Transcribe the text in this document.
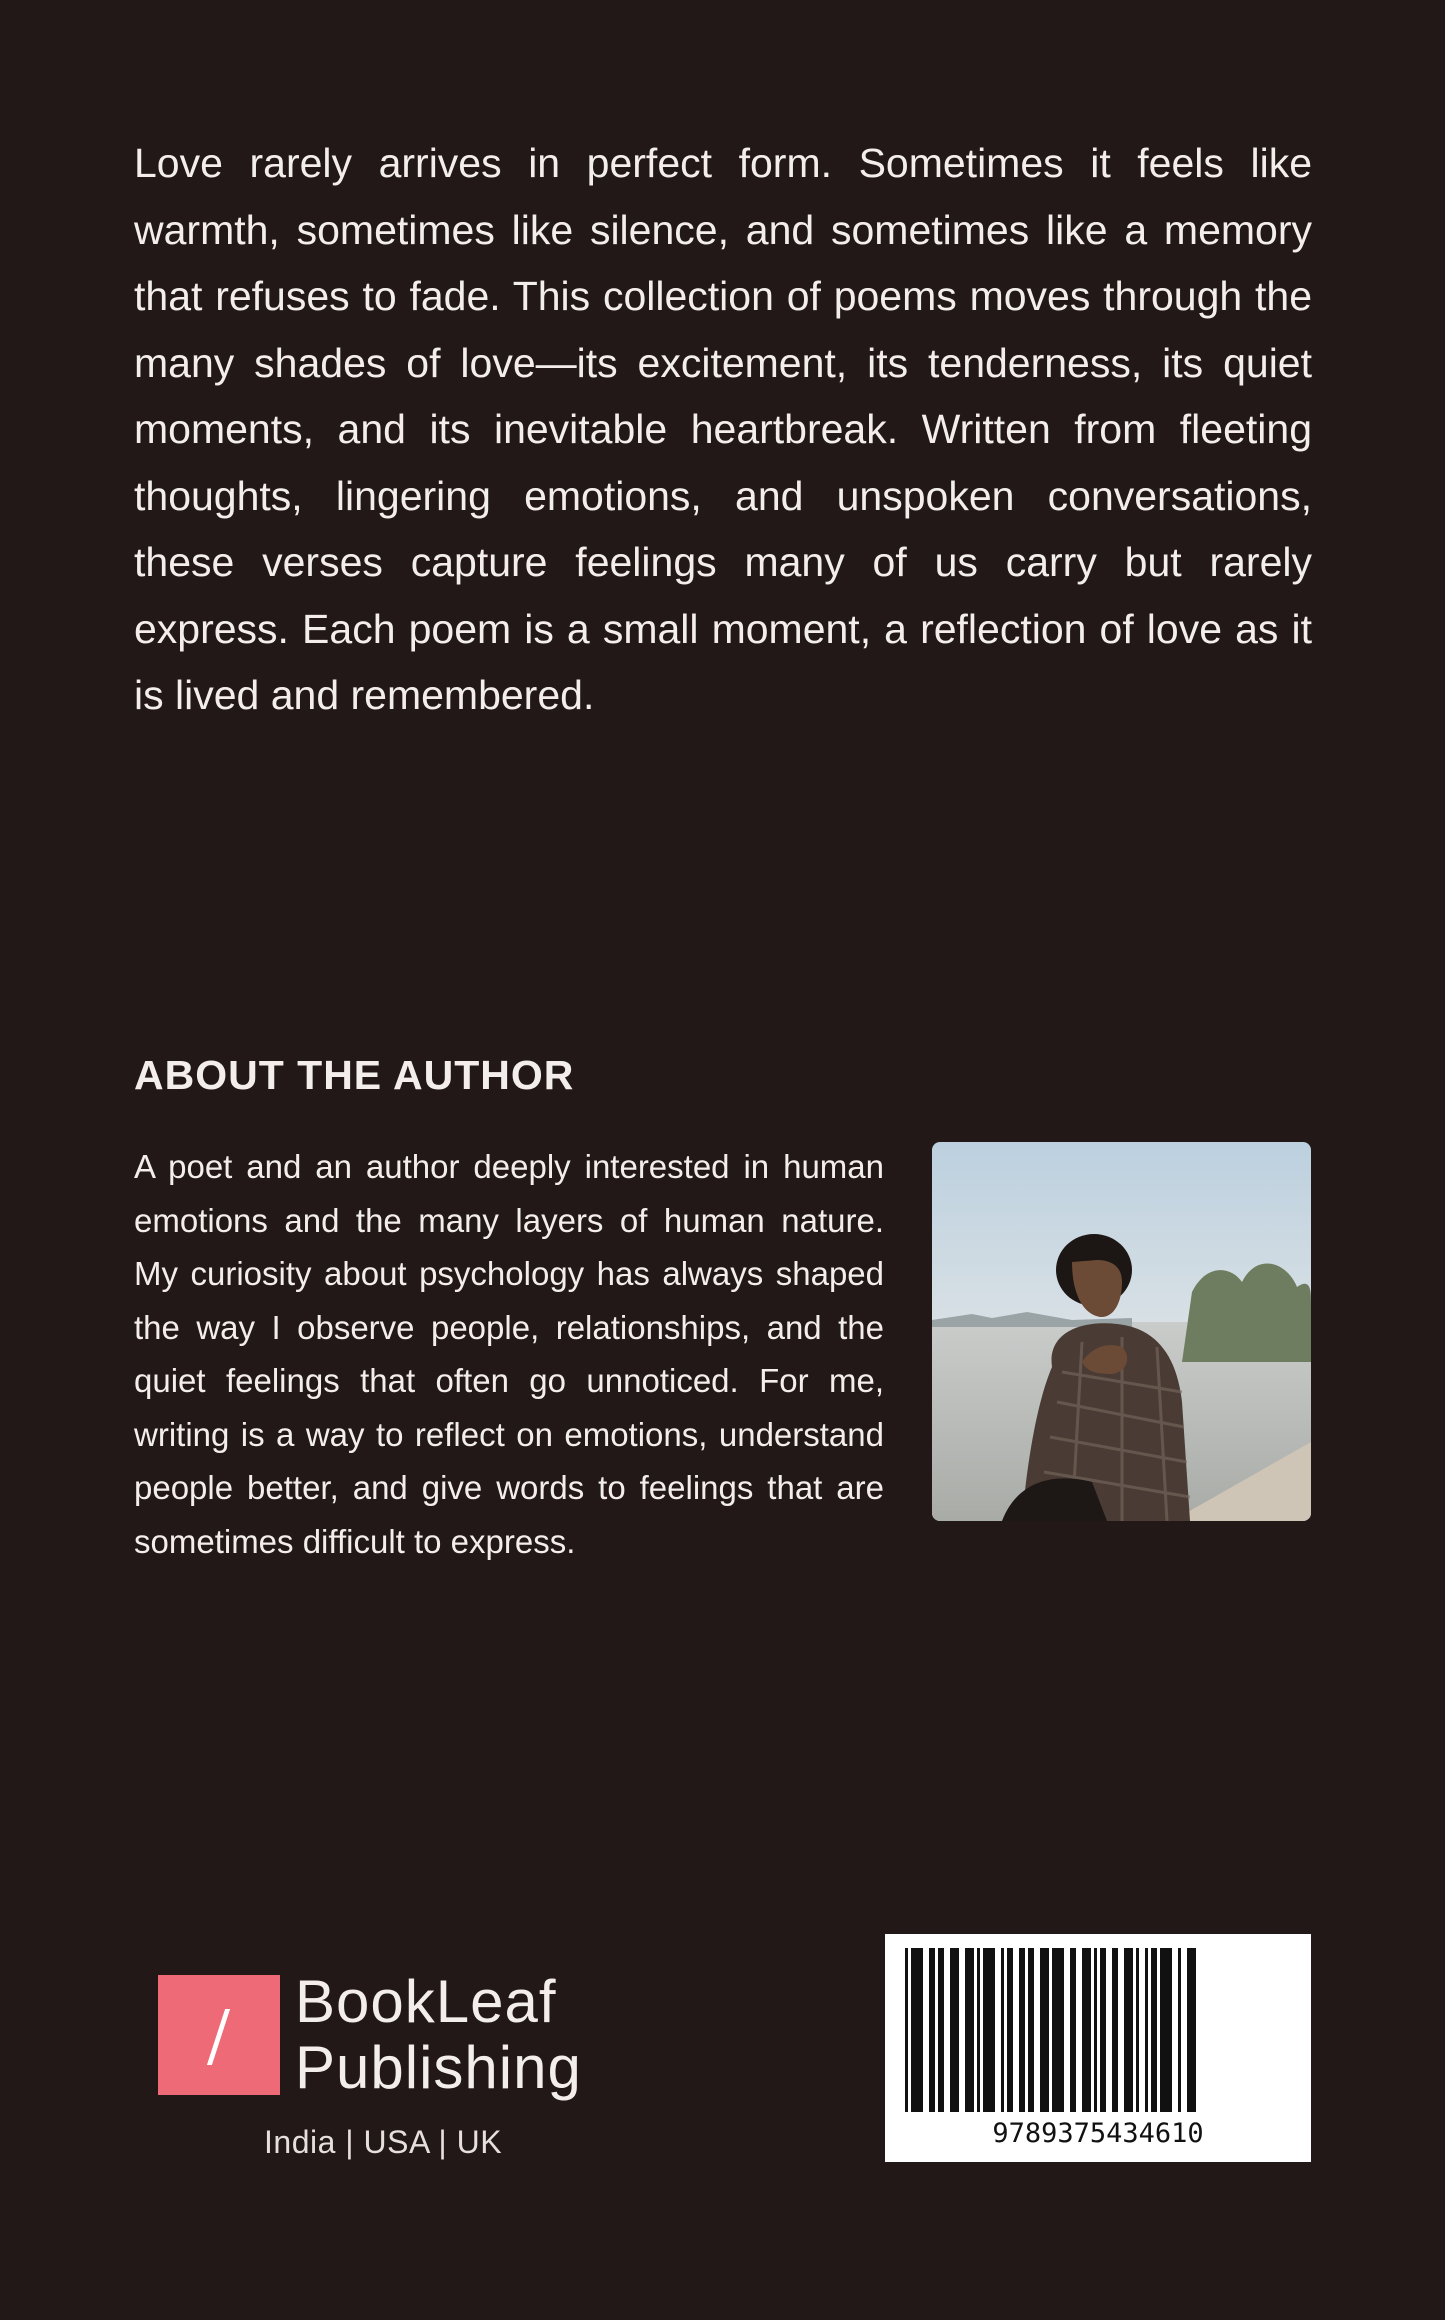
Love rarely arrives in perfect form. Sometimes it feels like warmth, sometimes like silence, and sometimes like a memory that refuses to fade. This collection of poems moves through the many shades of love—its excitement, its tenderness, its quiet moments, and its inevitable heartbreak. Written from fleeting thoughts, lingering emotions, and unspoken conversations, these verses capture feelings many of us carry but rarely express. Each poem is a small moment, a reflection of love as it is lived and remembered.

ABOUT THE AUTHOR

A poet and an author deeply interested in human emotions and the many layers of human nature. My curiosity about psychology has always shaped the way I observe people, relationships, and the quiet feelings that often go unnoticed. For me, writing is a way to reflect on emotions, understand people better, and give words to feelings that are sometimes difficult to express.

BookLeaf
Publishing
India | USA | UK	9789375434610
